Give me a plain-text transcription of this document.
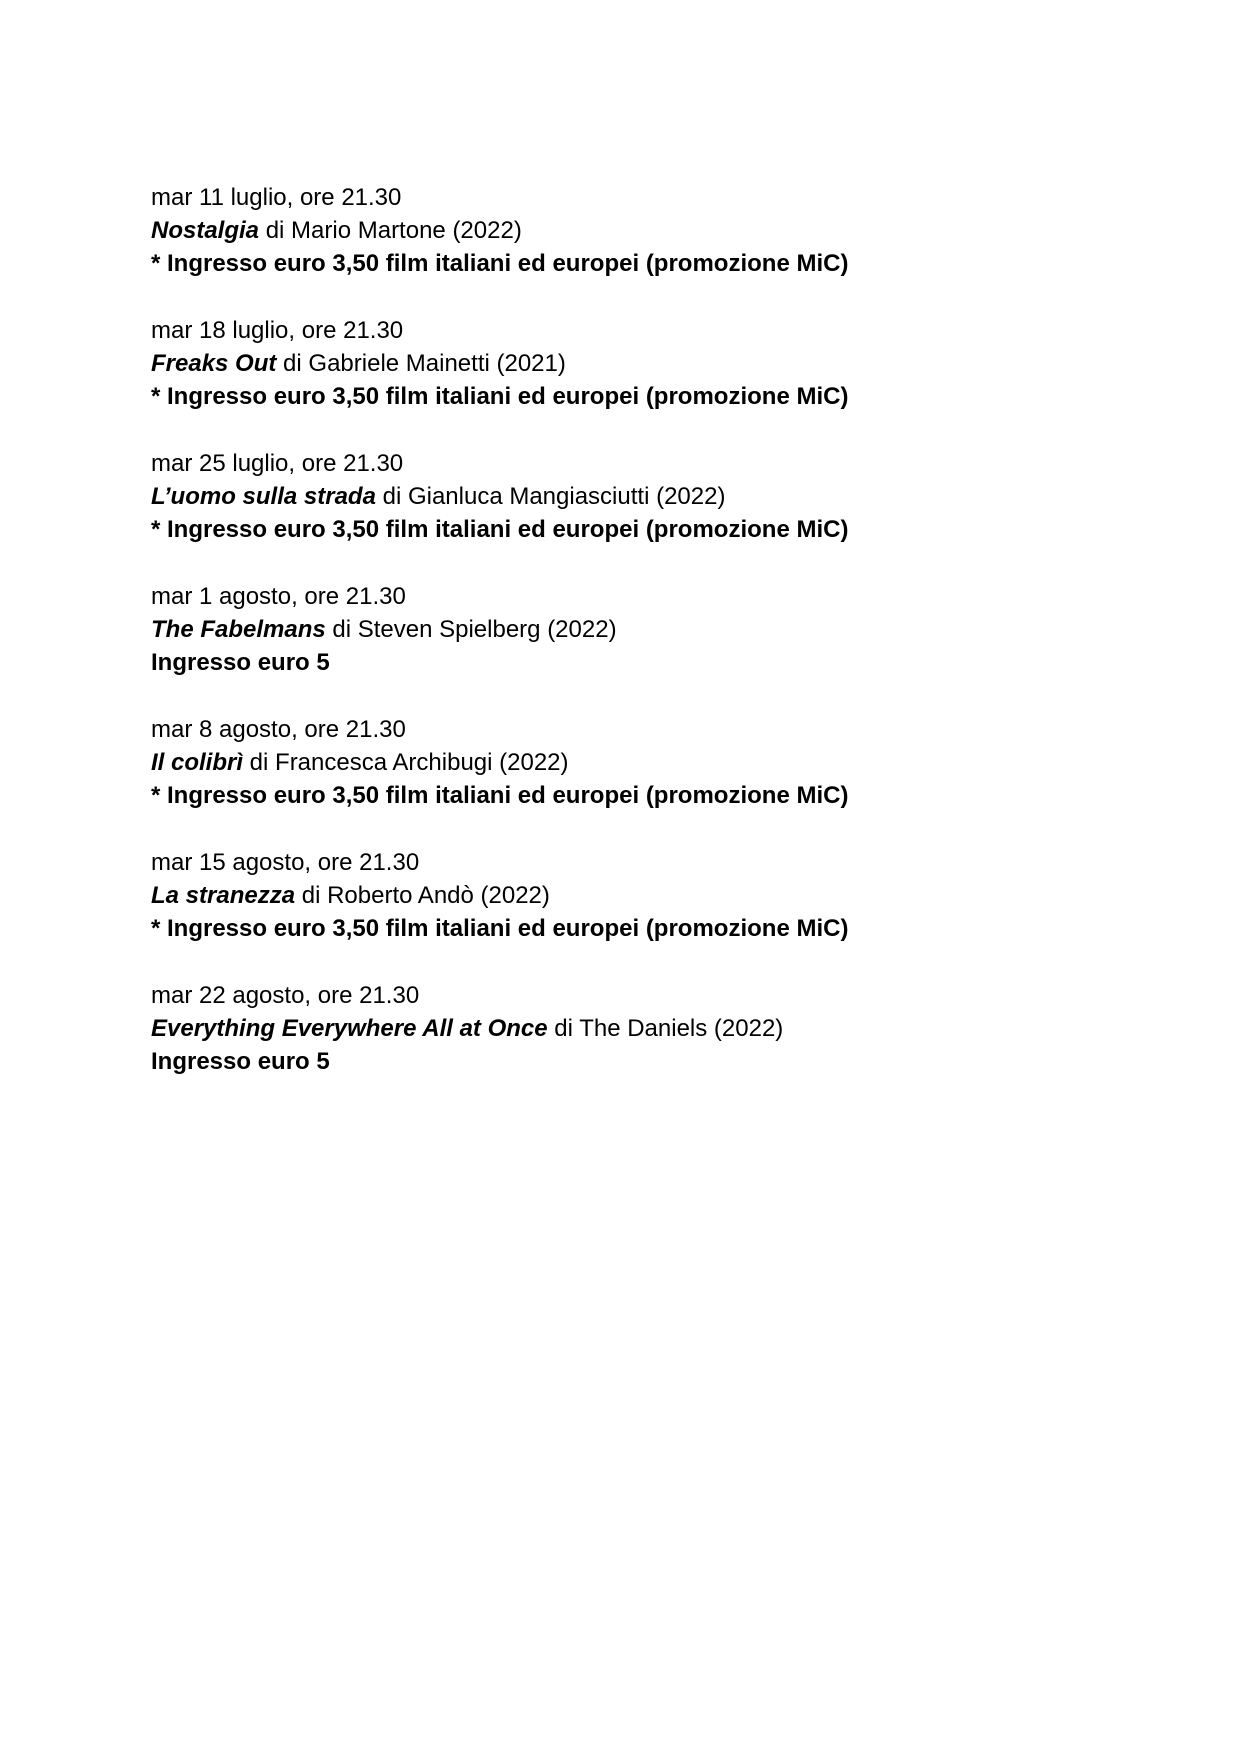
mar 11 luglio, ore 21.30
Nostalgia di Mario Martone (2022)
* Ingresso euro 3,50 film italiani ed europei (promozione MiC)
mar 18 luglio, ore 21.30
Freaks Out di Gabriele Mainetti (2021)
* Ingresso euro 3,50 film italiani ed europei (promozione MiC)
mar 25 luglio, ore 21.30
L’uomo sulla strada di Gianluca Mangiasciutti (2022)
* Ingresso euro 3,50 film italiani ed europei (promozione MiC)
mar 1 agosto, ore 21.30
The Fabelmans di Steven Spielberg (2022)
Ingresso euro 5
mar 8 agosto, ore 21.30
Il colibrì di Francesca Archibugi (2022)
* Ingresso euro 3,50 film italiani ed europei (promozione MiC)
mar 15 agosto, ore 21.30
La stranezza di Roberto Andò (2022)
* Ingresso euro 3,50 film italiani ed europei (promozione MiC)
mar 22 agosto, ore 21.30
Everything Everywhere All at Once di The Daniels (2022)
Ingresso euro 5
